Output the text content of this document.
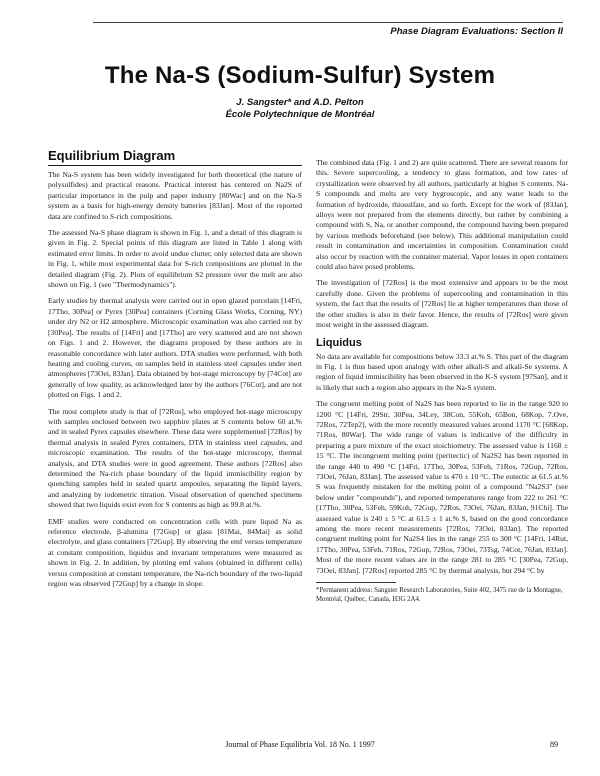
Phase Diagram Evaluations: Section II
The Na-S (Sodium-Sulfur) System
J. Sangster* and A.D. Pelton
École Polytechnique de Montréal
Equilibrium Diagram

The Na-S system has been widely investigated for both theoretical (the nature of polysulfides) and practical reasons. Practical interest has centered on Na2S of particular importance in the pulp and paper industry [80Wac] and on the Na-S system as a basis for high-energy density batteries [83Jan]. Most of the reported data are confined to S-rich compositions.

The assessed Na-S phase diagram is shown in Fig. 1, and a detail of this diagram is given in Fig. 2. Special points of this diagram are listed in Table 1 along with estimated error limits. In order to avoid undue clutter, only selected data are shown in Fig. 1, while most experimental data for S-rich compositions are plotted in the detailed diagram (Fig. 2). Plots of equilibrium S2 pressure over the melt are also shown on Fig. 1 (see "Thermodynamics").

Early studies by thermal analysis were carried out in open glazed porcelain [14Fri, 17Tho, 30Pea] or Pyrex [30Pea] containers (Corning Glass Works, Corning, NY) under dry N2 or H2 atmosphere. Microscopic examination was also carried out by [30Pea]. The results of [14Fri] and [17Tho] are very scattered and are not shown on Figs. 1 and 2. However, the diagrams proposed by these authors are in reasonable concordance with later authors. DTA studies were performed, with both heating and cooling curves, on samples held in stainless steel capsules under inert atmospheres [73Oei, 83Jan]. Data obtained by hot-stage microscopy by [74Cot] are generally of low quality, as acknowledged later by the authors [76Cot], and are not plotted on Figs. 1 and 2.

The most complete study is that of [72Ros], who employed hot-stage microscopy with samples enclosed between two sapphire plates at S contents below 60 at.% and in sealed Pyrex capsules elsewhere. These data were supplemented [72Ros] by thermal analysis in sealed Pyrex containers, DTA in stainless steel capsules, and microscopic examination. The results of the hot-stage microscopy, thermal analysis, and DTA studies were in good agreement. These authors [72Ros] also determined the Na-rich phase boundary of the liquid immiscibility region by quenching samples held in sealed quartz ampoules, separating the liquid layers, and analyzing by iodometric titration. Visual observation of quenched specimens showed that two liquids exist even for S contents as high as 99.8 at.%.

EMF studies were conducted on concentration cells with pure liquid Na as reference electrode, β-alumina [72Gup] or glass [81Mai, 84Mai] as solid electrolyte, and glass containers [72Gup]. By observing the emf versus temperature at constant composition, liquidus and invariant temperatures were measured as shown in Fig. 2. In addition, by plotting emf values (obtained in different cells) versus composition at constant temperature, the Na-rich boundary of the two-liquid region was observed [72Gup] by a change in slope.

The combined data (Fig. 1 and 2) are quite scattered. There are several reasons for this. Severe supercooling, a tendency to glass formation, and low rates of crystallization were observed by all authors, particularly at higher S contents. Na-S compounds and melts are very hygroscopic, and any water leads to the formation of hydroxide, thiosulfate, and so forth. Except for the work of [83Jan], alloys were not prepared from the elements directly, but rather by combining a compound with S, Na, or another compound, the compound having been prepared by various methods beforehand (see below). This additional manipulation could result in contamination and uncertainties in composition. Contamination could also occur by reaction with the container material. Vapor losses in open containers could also have posed problems.

The investigation of [72Ros] is the most extensive and appears to be the most carefully done. Given the problems of supercooling and contamination in this system, the fact that the results of [72Ros] lie at higher temperatures than those of the other studies is also in their favor. Hence, the results of [72Ros] were given most weight in the assessed diagram.

Liquidus

No data are available for compositions below 33.3 at.% S. This part of the diagram in Fig. 1 is thus based upon analogy with other alkali-S and alkali-Se systems. A region of liquid immiscibility has been observed in the K-S system [97San], and it is likely that such a region also appears in the Na-S system.

The congruent melting point of Na2S has been reported to lie in the range 920 to 1200 °C [14Fri, 29Str, 30Pea, 34Ley, 38Con, 55Koh, 65Bon, 68Kop, 7.Ove, 72Ros, 72Tep2], with the more recently measured values around 1170 °C [68Kop, 71Ros, 80War]. The wide range of values is indicative of the difficulty in preparing a pure mixture of the exact stoichiometry. The assessed value is 1168 ± 15 °C. The incongruent melting point (peritectic) of Na2S2 has been reported in the range 440 to 490 °C [14Fri, 17Tho, 30Pea, 53Feh, 71Ros, 72Gup, 72Ros, 73Oei, 76Jan, 83Jan]. The assessed value is 470 ± 10 °C. The eutectic at 61.5 at.% S was frequently mistaken for the melting point of a compound "Na2S3" (see below under "compounds"), and reported temperatures range from 222 to 261 °C [17Tho, 30Pea, 53Feh, 59Koh, 72Gup, 72Ros, 73Oei, 76Jan, 83Jan, 91Chi]. The assessed value is 240 ± 5 °C at 61.5 ± 1 at.% S, based on the good concordance among the more recent measurements [72Ros, 73Oei, 83Jan]. The reported congruent melting point for Na2S4 lies in the range 255 to 300 °C [14Fri, 14Rut, 17Tho, 30Pea, 53Feh, 71Ros, 72Gup, 72Ros, 73Oei, 73Tsg, 74Cot, 76Jan, 83Jan]. Most of the more recent values are in the range 281 to 285 °C [30Pea, 72Gup, 73Oei, 83Jan]. [72Ros] reported 285 °C by thermal analysis, but 294 °C by

*Permanent address: Sangster Research Laboratories, Suite 402, 3475 rue de la Montagne, Montréal, Québec, Canada, H3G 2A4.

Journal of Phase Equilibria Vol. 18 No. 1 1997	89
